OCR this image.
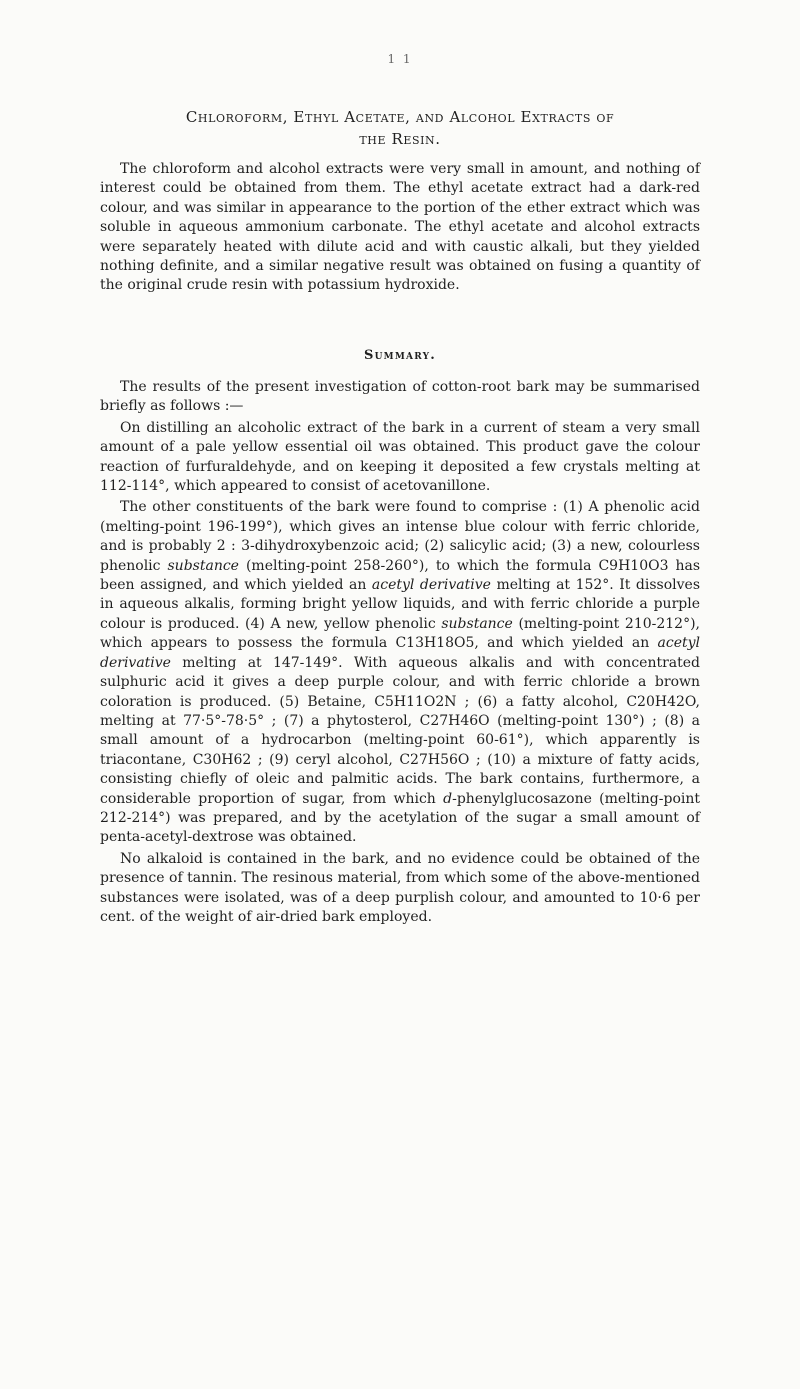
1 1
Chloroform, Ethyl Acetate, and Alcohol Extracts of
the Resin.

The chloroform and alcohol extracts were very small in amount, and nothing of interest could be obtained from them. The ethyl acetate extract had a dark-red colour, and was similar in appearance to the portion of the ether extract which was soluble in aqueous ammonium carbonate. The ethyl acetate and alcohol extracts were separately heated with dilute acid and with caustic alkali, but they yielded nothing definite, and a similar negative result was obtained on fusing a quantity of the original crude resin with potassium hydroxide.

Summary.

The results of the present investigation of cotton-root bark may be summarised briefly as follows :—

On distilling an alcoholic extract of the bark in a current of steam a very small amount of a pale yellow essential oil was obtained. This product gave the colour reaction of furfuraldehyde, and on keeping it deposited a few crystals melting at 112-114°, which appeared to consist of acetovanillone.

The other constituents of the bark were found to comprise : (1) A phenolic acid (melting-point 196-199°), which gives an intense blue colour with ferric chloride, and is probably 2 : 3-dihydroxybenzoic acid; (2) salicylic acid; (3) a new, colourless phenolic substance (melting-point 258-260°), to which the formula C9H10O3 has been assigned, and which yielded an acetyl derivative melting at 152°. It dissolves in aqueous alkalis, forming bright yellow liquids, and with ferric chloride a purple colour is produced. (4) A new, yellow phenolic substance (melting-point 210-212°), which appears to possess the formula C13H18O5, and which yielded an acetyl derivative melting at 147-149°. With aqueous alkalis and with concentrated sulphuric acid it gives a deep purple colour, and with ferric chloride a brown coloration is produced. (5) Betaine, C5H11O2N ; (6) a fatty alcohol, C20H42O, melting at 77·5°-78·5° ; (7) a phytosterol, C27H46O (melting-point 130°) ; (8) a small amount of a hydrocarbon (melting-point 60-61°), which apparently is triacontane, C30H62 ; (9) ceryl alcohol, C27H56O ; (10) a mixture of fatty acids, consisting chiefly of oleic and palmitic acids. The bark contains, furthermore, a considerable proportion of sugar, from which d-phenylglucosazone (melting-point 212-214°) was prepared, and by the acetylation of the sugar a small amount of penta-acetyl-dextrose was obtained.

No alkaloid is contained in the bark, and no evidence could be obtained of the presence of tannin. The resinous material, from which some of the above-mentioned substances were isolated, was of a deep purplish colour, and amounted to 10·6 per cent. of the weight of air-dried bark employed.
